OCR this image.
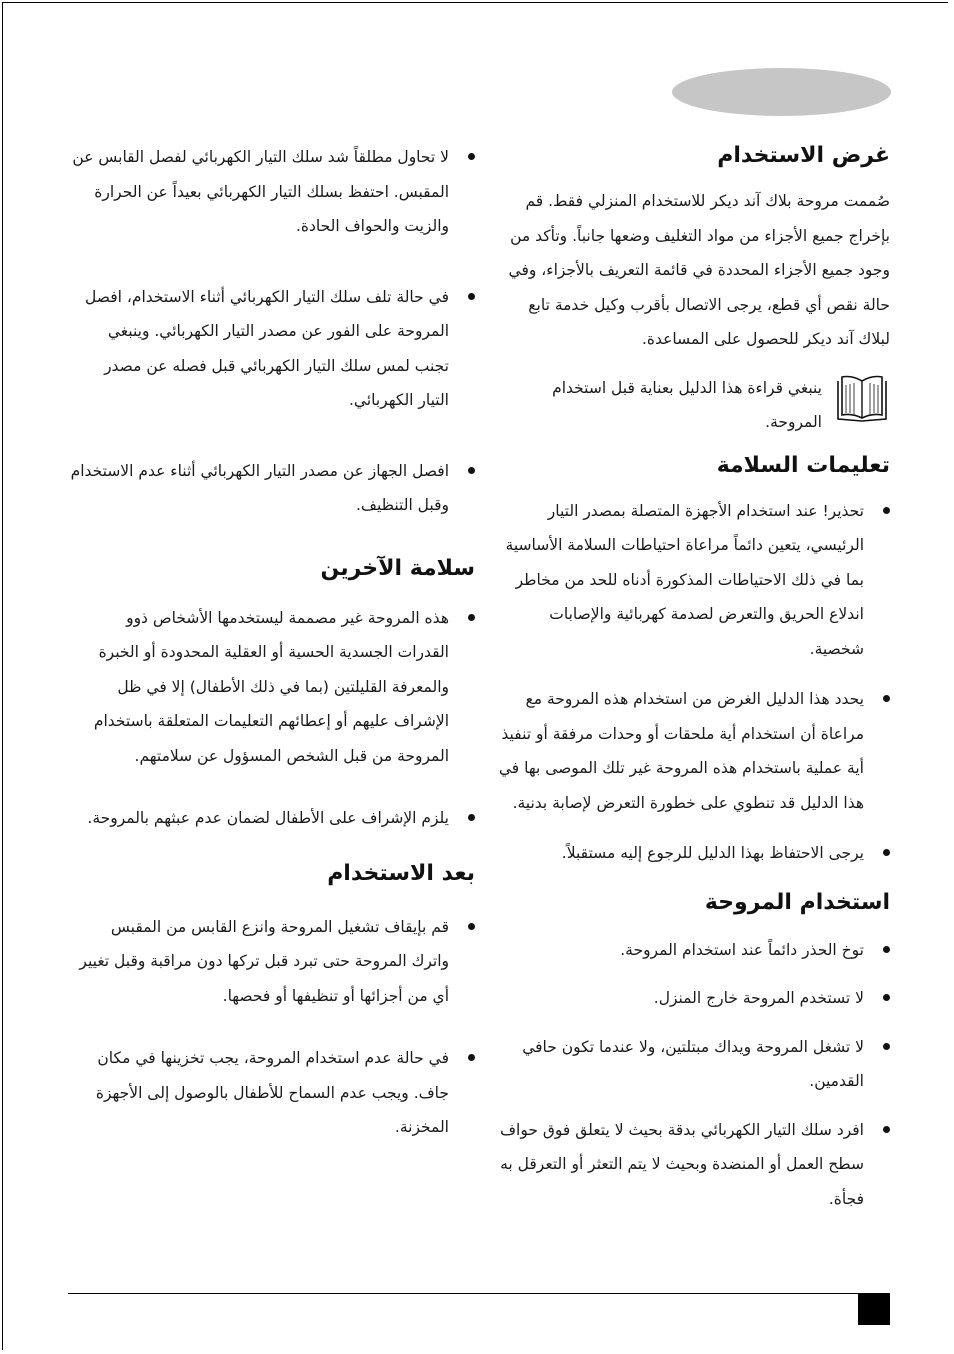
غرض الاستخدام

صُممت مروحة بلاك آند ديكر للاستخدام المنزلي فقط. قم بإخراج جميع الأجزاء من مواد التغليف وضعها جانباً. وتأكد من وجود جميع الأجزاء المحددة في قائمة التعريف بالأجزاء، وفي حالة نقص أي قطع، يرجى الاتصال بأقرب وكيل خدمة تابع لبلاك آند ديكر للحصول على المساعدة.

ينبغي قراءة هذا الدليل بعناية قبل استخدام المروحة.
تعليمات السلامة
تحذير! عند استخدام الأجهزة المتصلة بمصدر التيار الرئيسي، يتعين دائماً مراعاة احتياطات السلامة الأساسية بما في ذلك الاحتياطات المذكورة أدناه للحد من مخاطر اندلاع الحريق والتعرض لصدمة كهربائية والإصابات شخصية.
يحدد هذا الدليل الغرض من استخدام هذه المروحة مع مراعاة أن استخدام أية ملحقات أو وحدات مرفقة أو تنفيذ أية عملية باستخدام هذه المروحة غير تلك الموصى بها في هذا الدليل قد تنطوي على خطورة التعرض لإصابة بدنية.
يرجى الاحتفاظ بهذا الدليل للرجوع إليه مستقبلاً.
استخدام المروحة
توخ الحذر دائماً عند استخدام المروحة.
لا تستخدم المروحة خارج المنزل.
لا تشغل المروحة ويداك مبتلتين، ولا عندما تكون حافي القدمين.
افرد سلك التيار الكهربائي بدقة بحيث لا يتعلق فوق حواف سطح العمل أو المنضدة وبحيث لا يتم التعثر أو التعرقل به فجأة.
لا تحاول مطلقاً شد سلك التيار الكهربائي لفصل القابس عن المقبس. احتفظ بسلك التيار الكهربائي بعيداً عن الحرارة والزيت والحواف الحادة.
في حالة تلف سلك التيار الكهربائي أثناء الاستخدام، افصل المروحة على الفور عن مصدر التيار الكهربائي. وينبغي تجنب لمس سلك التيار الكهربائي قبل فصله عن مصدر التيار الكهربائي.
افصل الجهاز عن مصدر التيار الكهربائي أثناء عدم الاستخدام وقبل التنظيف.
سلامة الآخرين
هذه المروحة غير مصممة ليستخدمها الأشخاص ذوو القدرات الجسدية الحسية أو العقلية المحدودة أو الخبرة والمعرفة القليلتين (بما في ذلك الأطفال) إلا في ظل الإشراف عليهم أو إعطائهم التعليمات المتعلقة باستخدام المروحة من قبل الشخص المسؤول عن سلامتهم.
يلزم الإشراف على الأطفال لضمان عدم عبثهم بالمروحة.
بعد الاستخدام
قم بإيقاف تشغيل المروحة وانزع القابس من المقبس واترك المروحة حتى تبرد قبل تركها دون مراقبة وقبل تغيير أي من أجزائها أو تنظيفها أو فحصها.
في حالة عدم استخدام المروحة، يجب تخزينها في مكان جاف. ويجب عدم السماح للأطفال بالوصول إلى الأجهزة المخزنة.
